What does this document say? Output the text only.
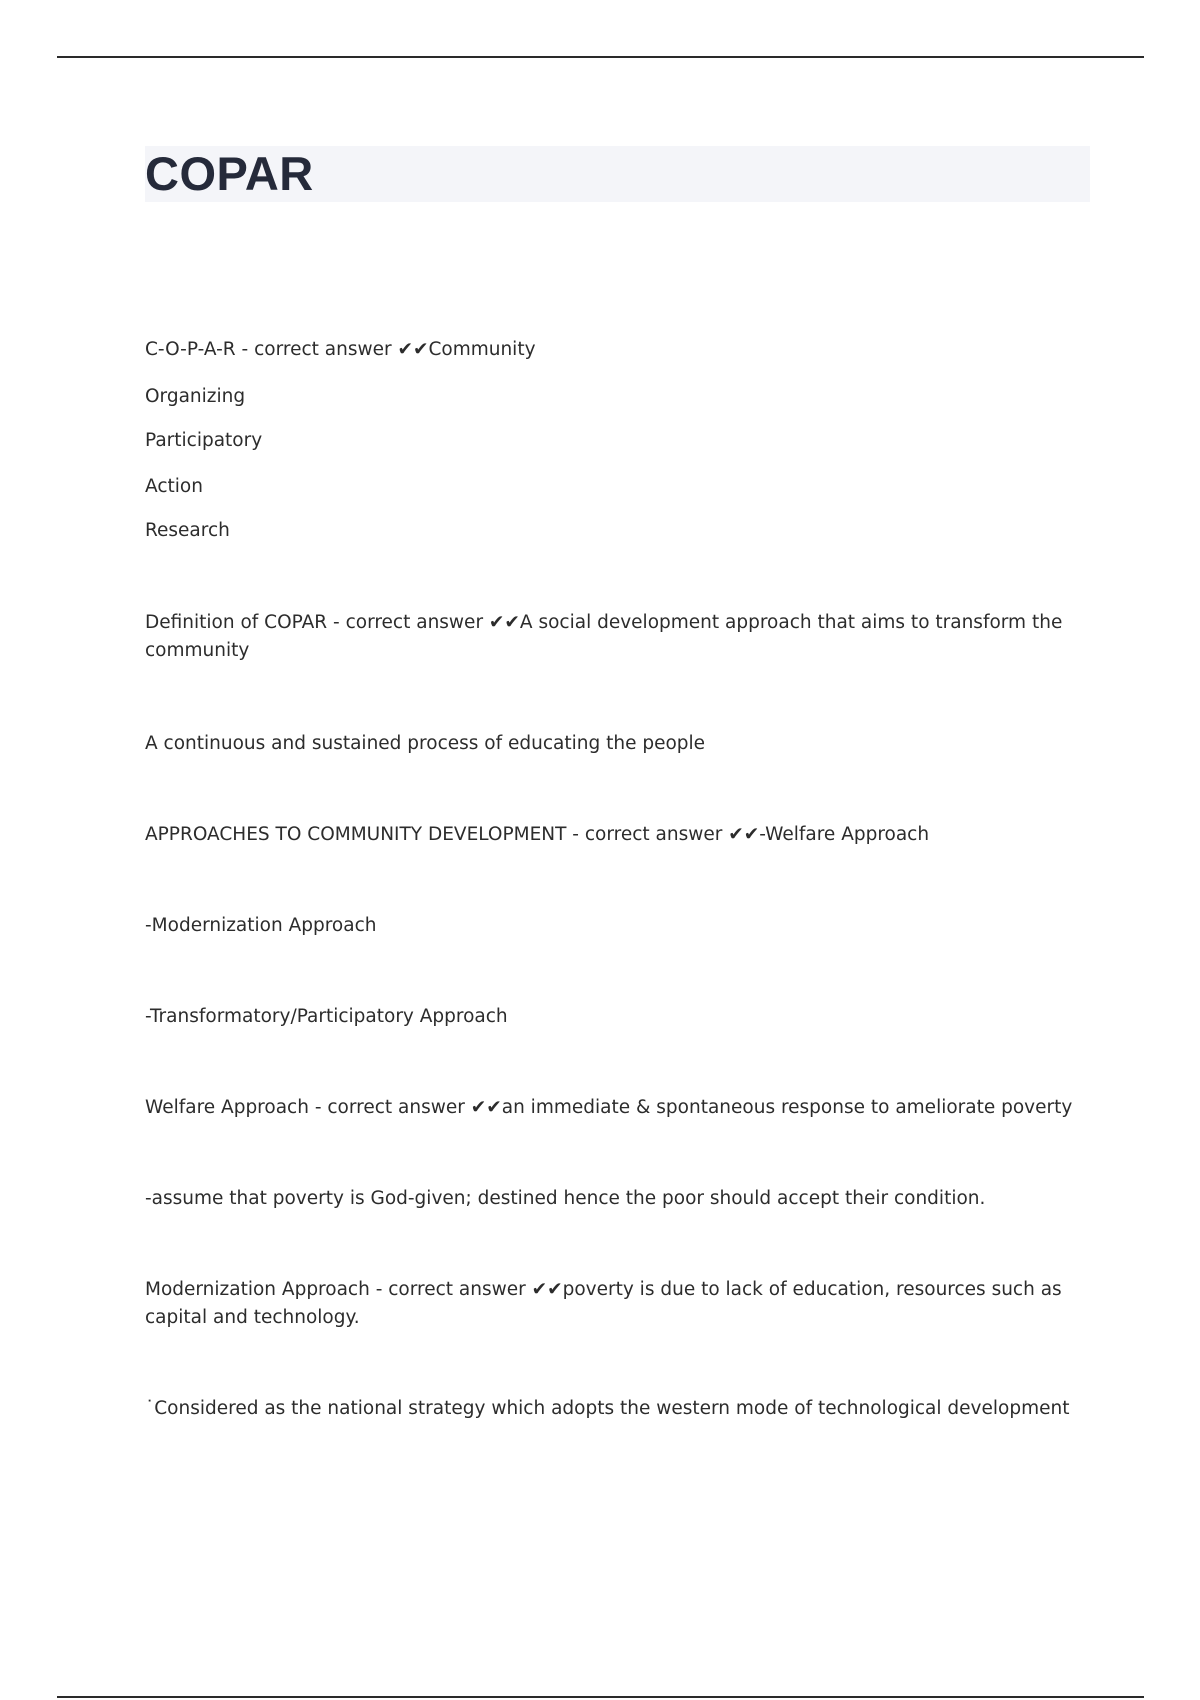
COPAR

C-O-P-A-R - correct answer ✔✔Community

Organizing

Participatory

Action

Research

Definition of COPAR - correct answer ✔✔A social development approach that aims to transform the community

A continuous and sustained process of educating the people

APPROACHES TO COMMUNITY DEVELOPMENT - correct answer ✔✔-Welfare Approach

-Modernization Approach

-Transformatory/Participatory Approach

Welfare Approach - correct answer ✔✔an immediate & spontaneous response to ameliorate poverty

-assume that poverty is God-given; destined hence the poor should accept their condition.

Modernization Approach - correct answer ✔✔poverty is due to lack of education, resources such as capital and technology.

˙Considered as the national strategy which adopts the western mode of technological development
